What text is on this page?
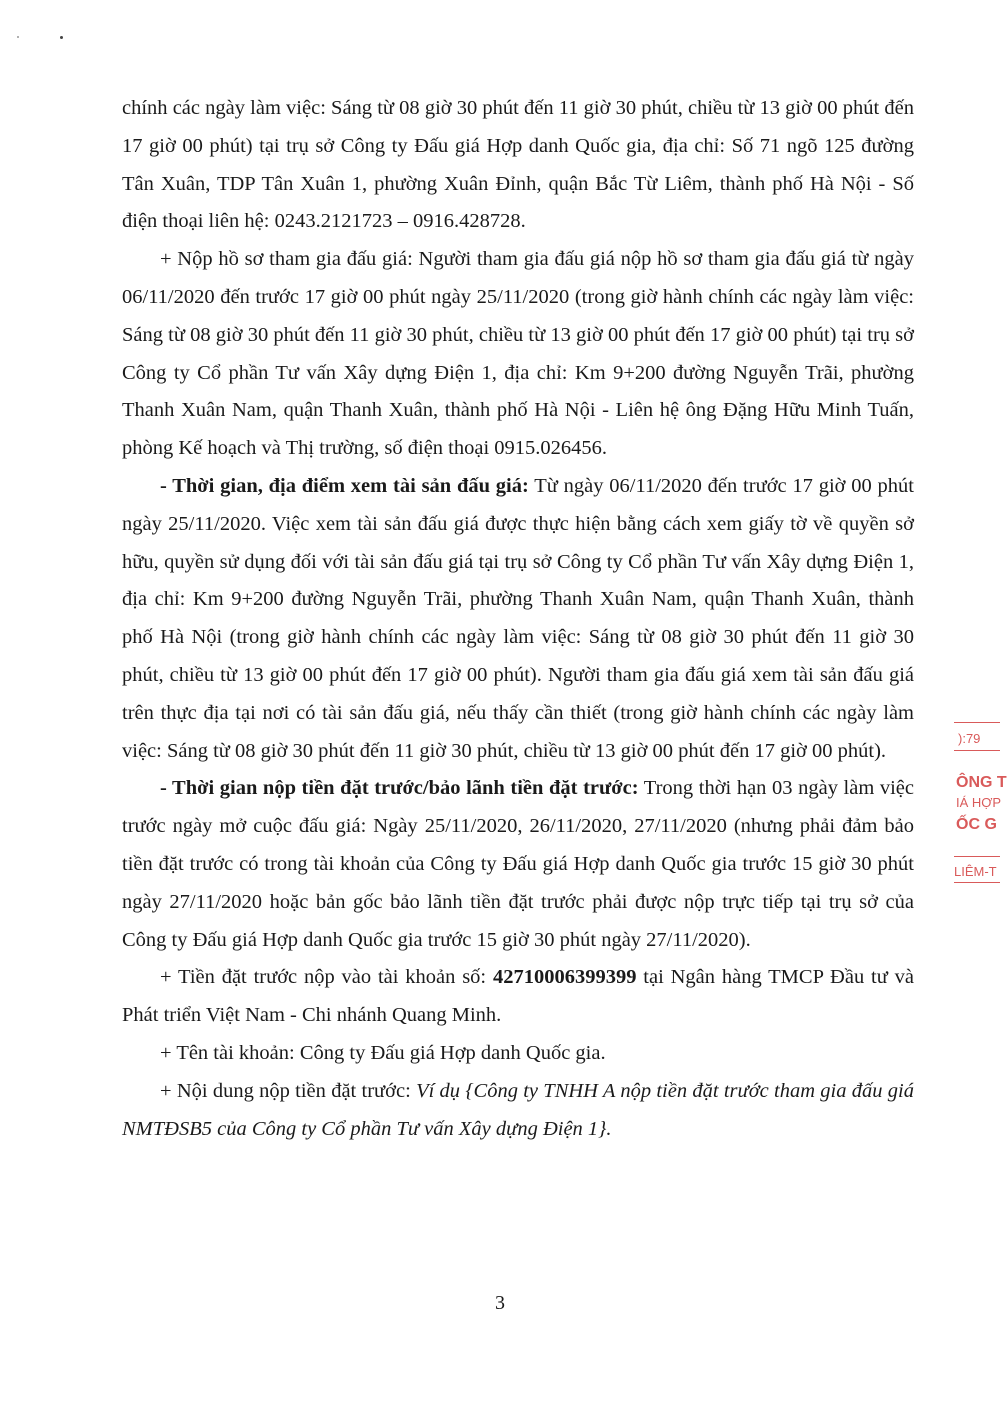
chính các ngày làm việc: Sáng từ 08 giờ 30 phút đến 11 giờ 30 phút, chiều từ 13 giờ 00 phút đến 17 giờ 00 phút) tại trụ sở Công ty Đấu giá Hợp danh Quốc gia, địa chỉ: Số 71 ngõ 125 đường Tân Xuân, TDP Tân Xuân 1, phường Xuân Đỉnh, quận Bắc Từ Liêm, thành phố Hà Nội - Số điện thoại liên hệ: 0243.2121723 – 0916.428728.

+ Nộp hồ sơ tham gia đấu giá: Người tham gia đấu giá nộp hồ sơ tham gia đấu giá từ ngày 06/11/2020 đến trước 17 giờ 00 phút ngày 25/11/2020 (trong giờ hành chính các ngày làm việc: Sáng từ 08 giờ 30 phút đến 11 giờ 30 phút, chiều từ 13 giờ 00 phút đến 17 giờ 00 phút) tại trụ sở Công ty Cổ phần Tư vấn Xây dựng Điện 1, địa chỉ: Km 9+200 đường Nguyễn Trãi, phường Thanh Xuân Nam, quận Thanh Xuân, thành phố Hà Nội - Liên hệ ông Đặng Hữu Minh Tuấn, phòng Kế hoạch và Thị trường, số điện thoại 0915.026456.

- Thời gian, địa điểm xem tài sản đấu giá: Từ ngày 06/11/2020 đến trước 17 giờ 00 phút ngày 25/11/2020. Việc xem tài sản đấu giá được thực hiện bằng cách xem giấy tờ về quyền sở hữu, quyền sử dụng đối với tài sản đấu giá tại trụ sở Công ty Cổ phần Tư vấn Xây dựng Điện 1, địa chỉ: Km 9+200 đường Nguyễn Trãi, phường Thanh Xuân Nam, quận Thanh Xuân, thành phố Hà Nội (trong giờ hành chính các ngày làm việc: Sáng từ 08 giờ 30 phút đến 11 giờ 30 phút, chiều từ 13 giờ 00 phút đến 17 giờ 00 phút). Người tham gia đấu giá xem tài sản đấu giá trên thực địa tại nơi có tài sản đấu giá, nếu thấy cần thiết (trong giờ hành chính các ngày làm việc: Sáng từ 08 giờ 30 phút đến 11 giờ 30 phút, chiều từ 13 giờ 00 phút đến 17 giờ 00 phút).

- Thời gian nộp tiền đặt trước/bảo lãnh tiền đặt trước: Trong thời hạn 03 ngày làm việc trước ngày mở cuộc đấu giá: Ngày 25/11/2020, 26/11/2020, 27/11/2020 (nhưng phải đảm bảo tiền đặt trước có trong tài khoản của Công ty Đấu giá Hợp danh Quốc gia trước 15 giờ 30 phút ngày 27/11/2020 hoặc bản gốc bảo lãnh tiền đặt trước phải được nộp trực tiếp tại trụ sở của Công ty Đấu giá Hợp danh Quốc gia trước 15 giờ 30 phút ngày 27/11/2020).

+ Tiền đặt trước nộp vào tài khoản số: 42710006399399 tại Ngân hàng TMCP Đầu tư và Phát triển Việt Nam - Chi nhánh Quang Minh.

+ Tên tài khoản: Công ty Đấu giá Hợp danh Quốc gia.

+ Nội dung nộp tiền đặt trước: Ví dụ {Công ty TNHH A nộp tiền đặt trước tham gia đấu giá NMTĐSB5 của Công ty Cổ phần Tư vấn Xây dựng Điện 1}.

3
):79
ÔNG T
IÁ HỢP
ỐC G
LIÊM-T
